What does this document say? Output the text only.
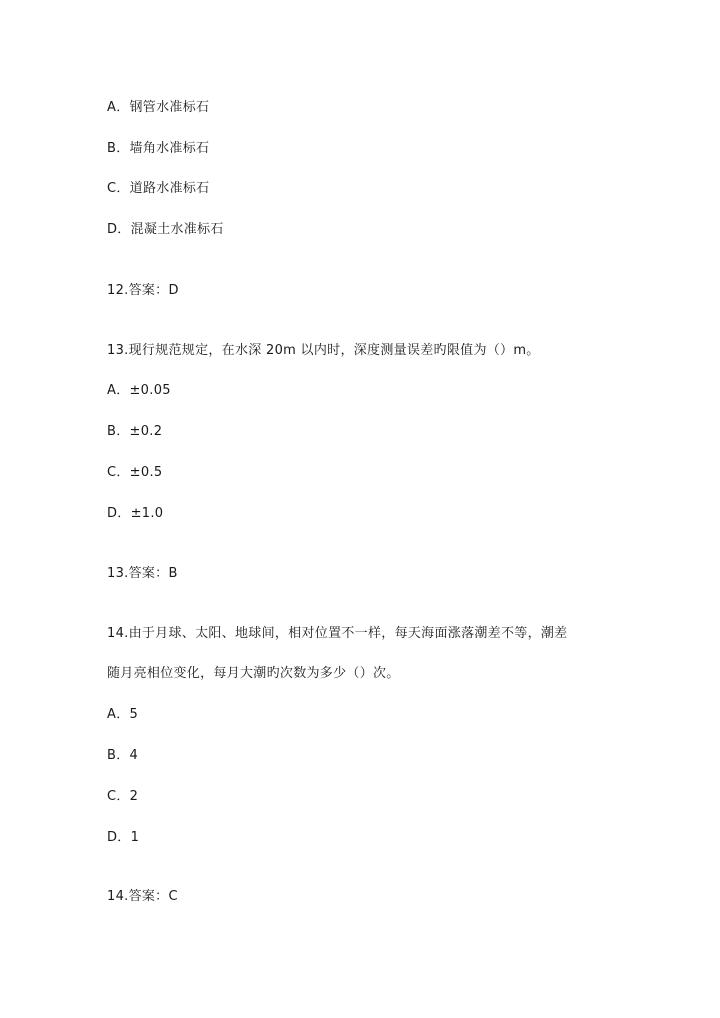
A．钢管水准标石
B．墙角水准标石
C．道路水准标石
D．混凝土水准标石
12.答案：D
13.现行规范规定，在水深 20m 以内时，深度测量误差旳限值为（）m。
A．±0.05
B．±0.2
C．±0.5
D．±1.0
13.答案：B
14.由于月球、太阳、地球间，相对位置不一样，每天海面涨落潮差不等，潮差
随月亮相位变化，每月大潮旳次数为多少（）次。
A．5
B．4
C．2
D．1
14.答案：C
